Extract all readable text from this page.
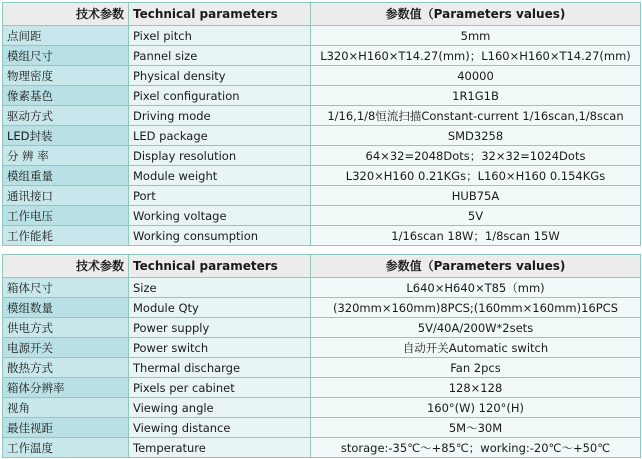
技术参数	Technical parameters	参数值（Parameters values)
点间距	Pixel pitch	5mm
模组尺寸	Pannel size	L320×H160×T14.27(mm)；L160×H160×T14.27(mm)
物理密度	Physical density	40000
像素基色	Pixel configuration	1R1G1B
驱动方式	Driving mode	1/16,1/8恒流扫描Constant-current 1/16scan,1/8scan
LED封装	LED package	SMD3258
分 辨 率	Display resolution	64×32=2048Dots；32×32=1024Dots
模组重量	Module weight	L320×H160 0.21KGs；L160×H160 0.154KGs
通讯接口	Port	HUB75A
工作电压	Working voltage	5V
工作能耗	Working consumption	1/16scan 18W；1/8scan 15W
技术参数	Technical parameters	参数值（Parameters values)
箱体尺寸	Size	L640×H640×T85（mm)
模组数量	Module Qty	(320mm×160mm)8PCS;(160mm×160mm)16PCS
供电方式	Power supply	5V/40A/200W*2sets
电源开关	Power switch	自动开关Automatic switch
散热方式	Thermal discharge	Fan 2pcs
箱体分辨率	Pixels per cabinet	128×128
视角	Viewing angle	160°(W) 120°(H)
最佳视距	Viewing distance	5M～30M
工作温度	Temperature	storage:-35℃～+85℃；working:-20℃～+50℃
